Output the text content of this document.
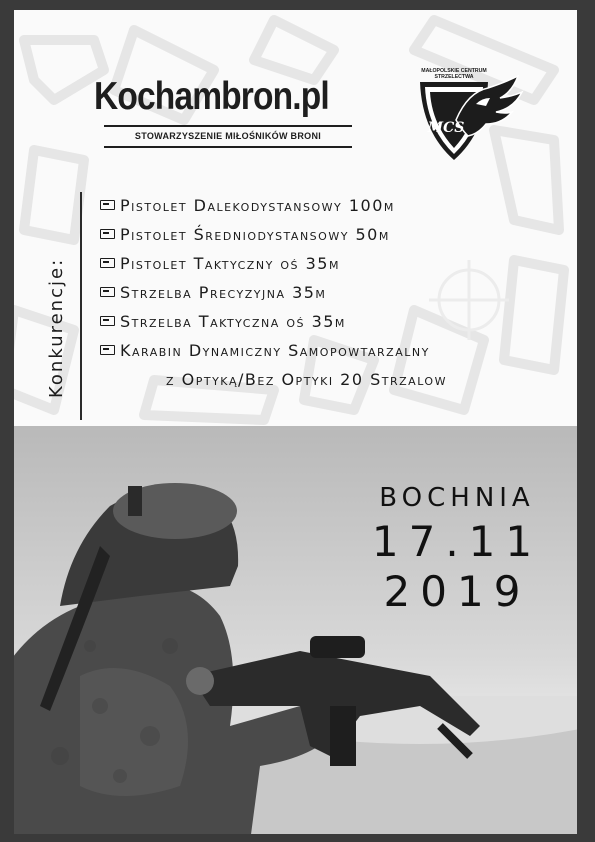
Kochambron.pl
STOWARZYSZENIE MIŁOŚNIKÓW BRONI
MAŁOPOLSKIE CENTRUM
STRZELECTWA
MCS
Konkurencje:
Pistolet Dalekodystansowy 100m
Pistolet Średniodystansowy 50m
Pistolet Taktyczny oś 35m
Strzelba Precyzyjna 35m
Strzelba Taktyczna oś 35m
Karabin Dynamiczny Samopowtarzalny
z Optyką/Bez Optyki 20 Strzalow
BOCHNIA
17.11
2019
